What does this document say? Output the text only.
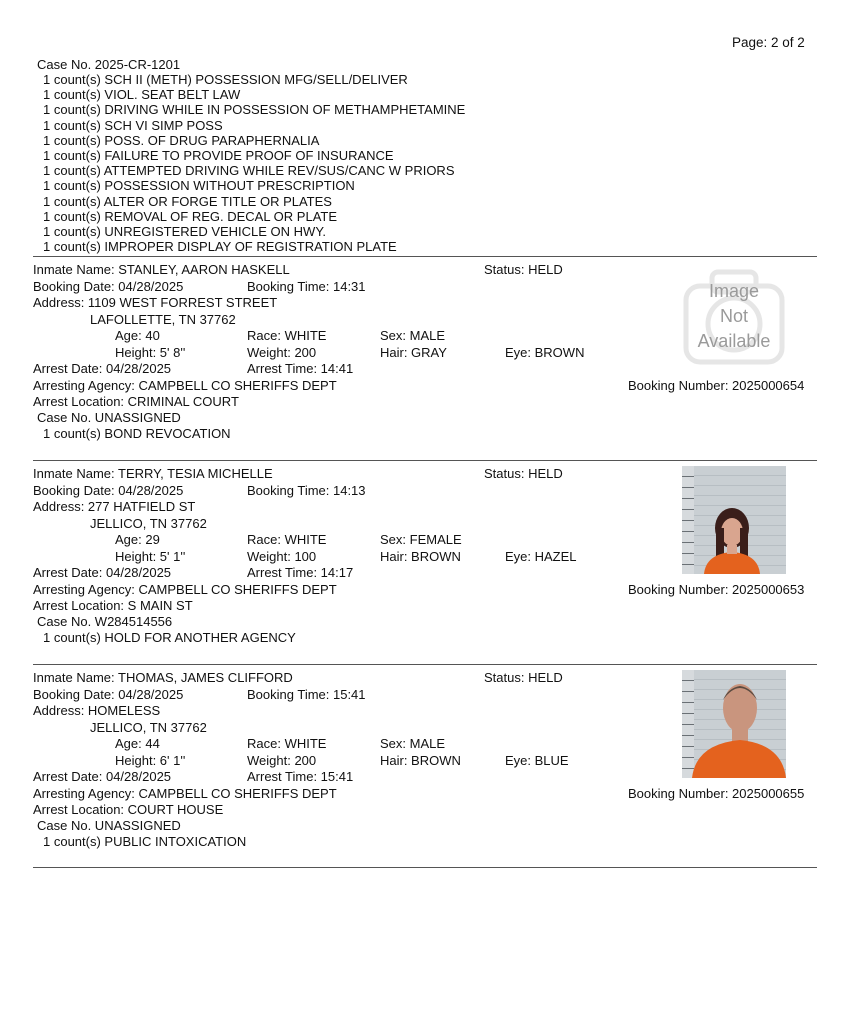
Page: 2 of 2
Case No. 2025-CR-1201
1 count(s) SCH II (METH) POSSESSION MFG/SELL/DELIVER
1 count(s) VIOL. SEAT BELT LAW
1 count(s) DRIVING WHILE IN POSSESSION OF METHAMPHETAMINE
1 count(s) SCH VI SIMP POSS
1 count(s) POSS. OF DRUG PARAPHERNALIA
1 count(s) FAILURE TO PROVIDE PROOF OF INSURANCE
1 count(s) ATTEMPTED DRIVING WHILE REV/SUS/CANC W PRIORS
1 count(s) POSSESSION WITHOUT PRESCRIPTION
1 count(s) ALTER OR FORGE TITLE OR PLATES
1 count(s) REMOVAL OF REG. DECAL OR PLATE
1 count(s) UNREGISTERED VEHICLE ON HWY.
1 count(s) IMPROPER DISPLAY OF REGISTRATION PLATE
Inmate Name: STANLEY, AARON HASKELL	Status: HELD
Booking Date: 04/28/2025	Booking Time: 14:31
Address: 1109 WEST FORREST STREET
LAFOLLETTE, TN 37762
Age: 40	Race: WHITE	Sex: MALE
Height: 5' 8''	Weight: 200	Hair: GRAY	Eye: BROWN
Arrest Date: 04/28/2025	Arrest Time: 14:41
Arresting Agency: CAMPBELL CO SHERIFFS DEPT	Booking Number: 2025000654
Arrest Location: CRIMINAL COURT
Case No. UNASSIGNED
1 count(s) BOND REVOCATION
Image
Not
Available
Inmate Name: TERRY, TESIA MICHELLE	Status: HELD
Booking Date: 04/28/2025	Booking Time: 14:13
Address: 277 HATFIELD ST
JELLICO, TN 37762
Age: 29	Race: WHITE	Sex: FEMALE
Height: 5' 1''	Weight: 100	Hair: BROWN	Eye: HAZEL
Arrest Date: 04/28/2025	Arrest Time: 14:17
Arresting Agency: CAMPBELL CO SHERIFFS DEPT	Booking Number: 2025000653
Arrest Location: S MAIN ST
Case No. W284514556
1 count(s) HOLD FOR ANOTHER AGENCY
Inmate Name: THOMAS, JAMES CLIFFORD	Status: HELD
Booking Date: 04/28/2025	Booking Time: 15:41
Address: HOMELESS
JELLICO, TN 37762
Age: 44	Race: WHITE	Sex: MALE
Height: 6' 1''	Weight: 200	Hair: BROWN	Eye: BLUE
Arrest Date: 04/28/2025	Arrest Time: 15:41
Arresting Agency: CAMPBELL CO SHERIFFS DEPT	Booking Number: 2025000655
Arrest Location: COURT HOUSE
Case No. UNASSIGNED
1 count(s) PUBLIC INTOXICATION
